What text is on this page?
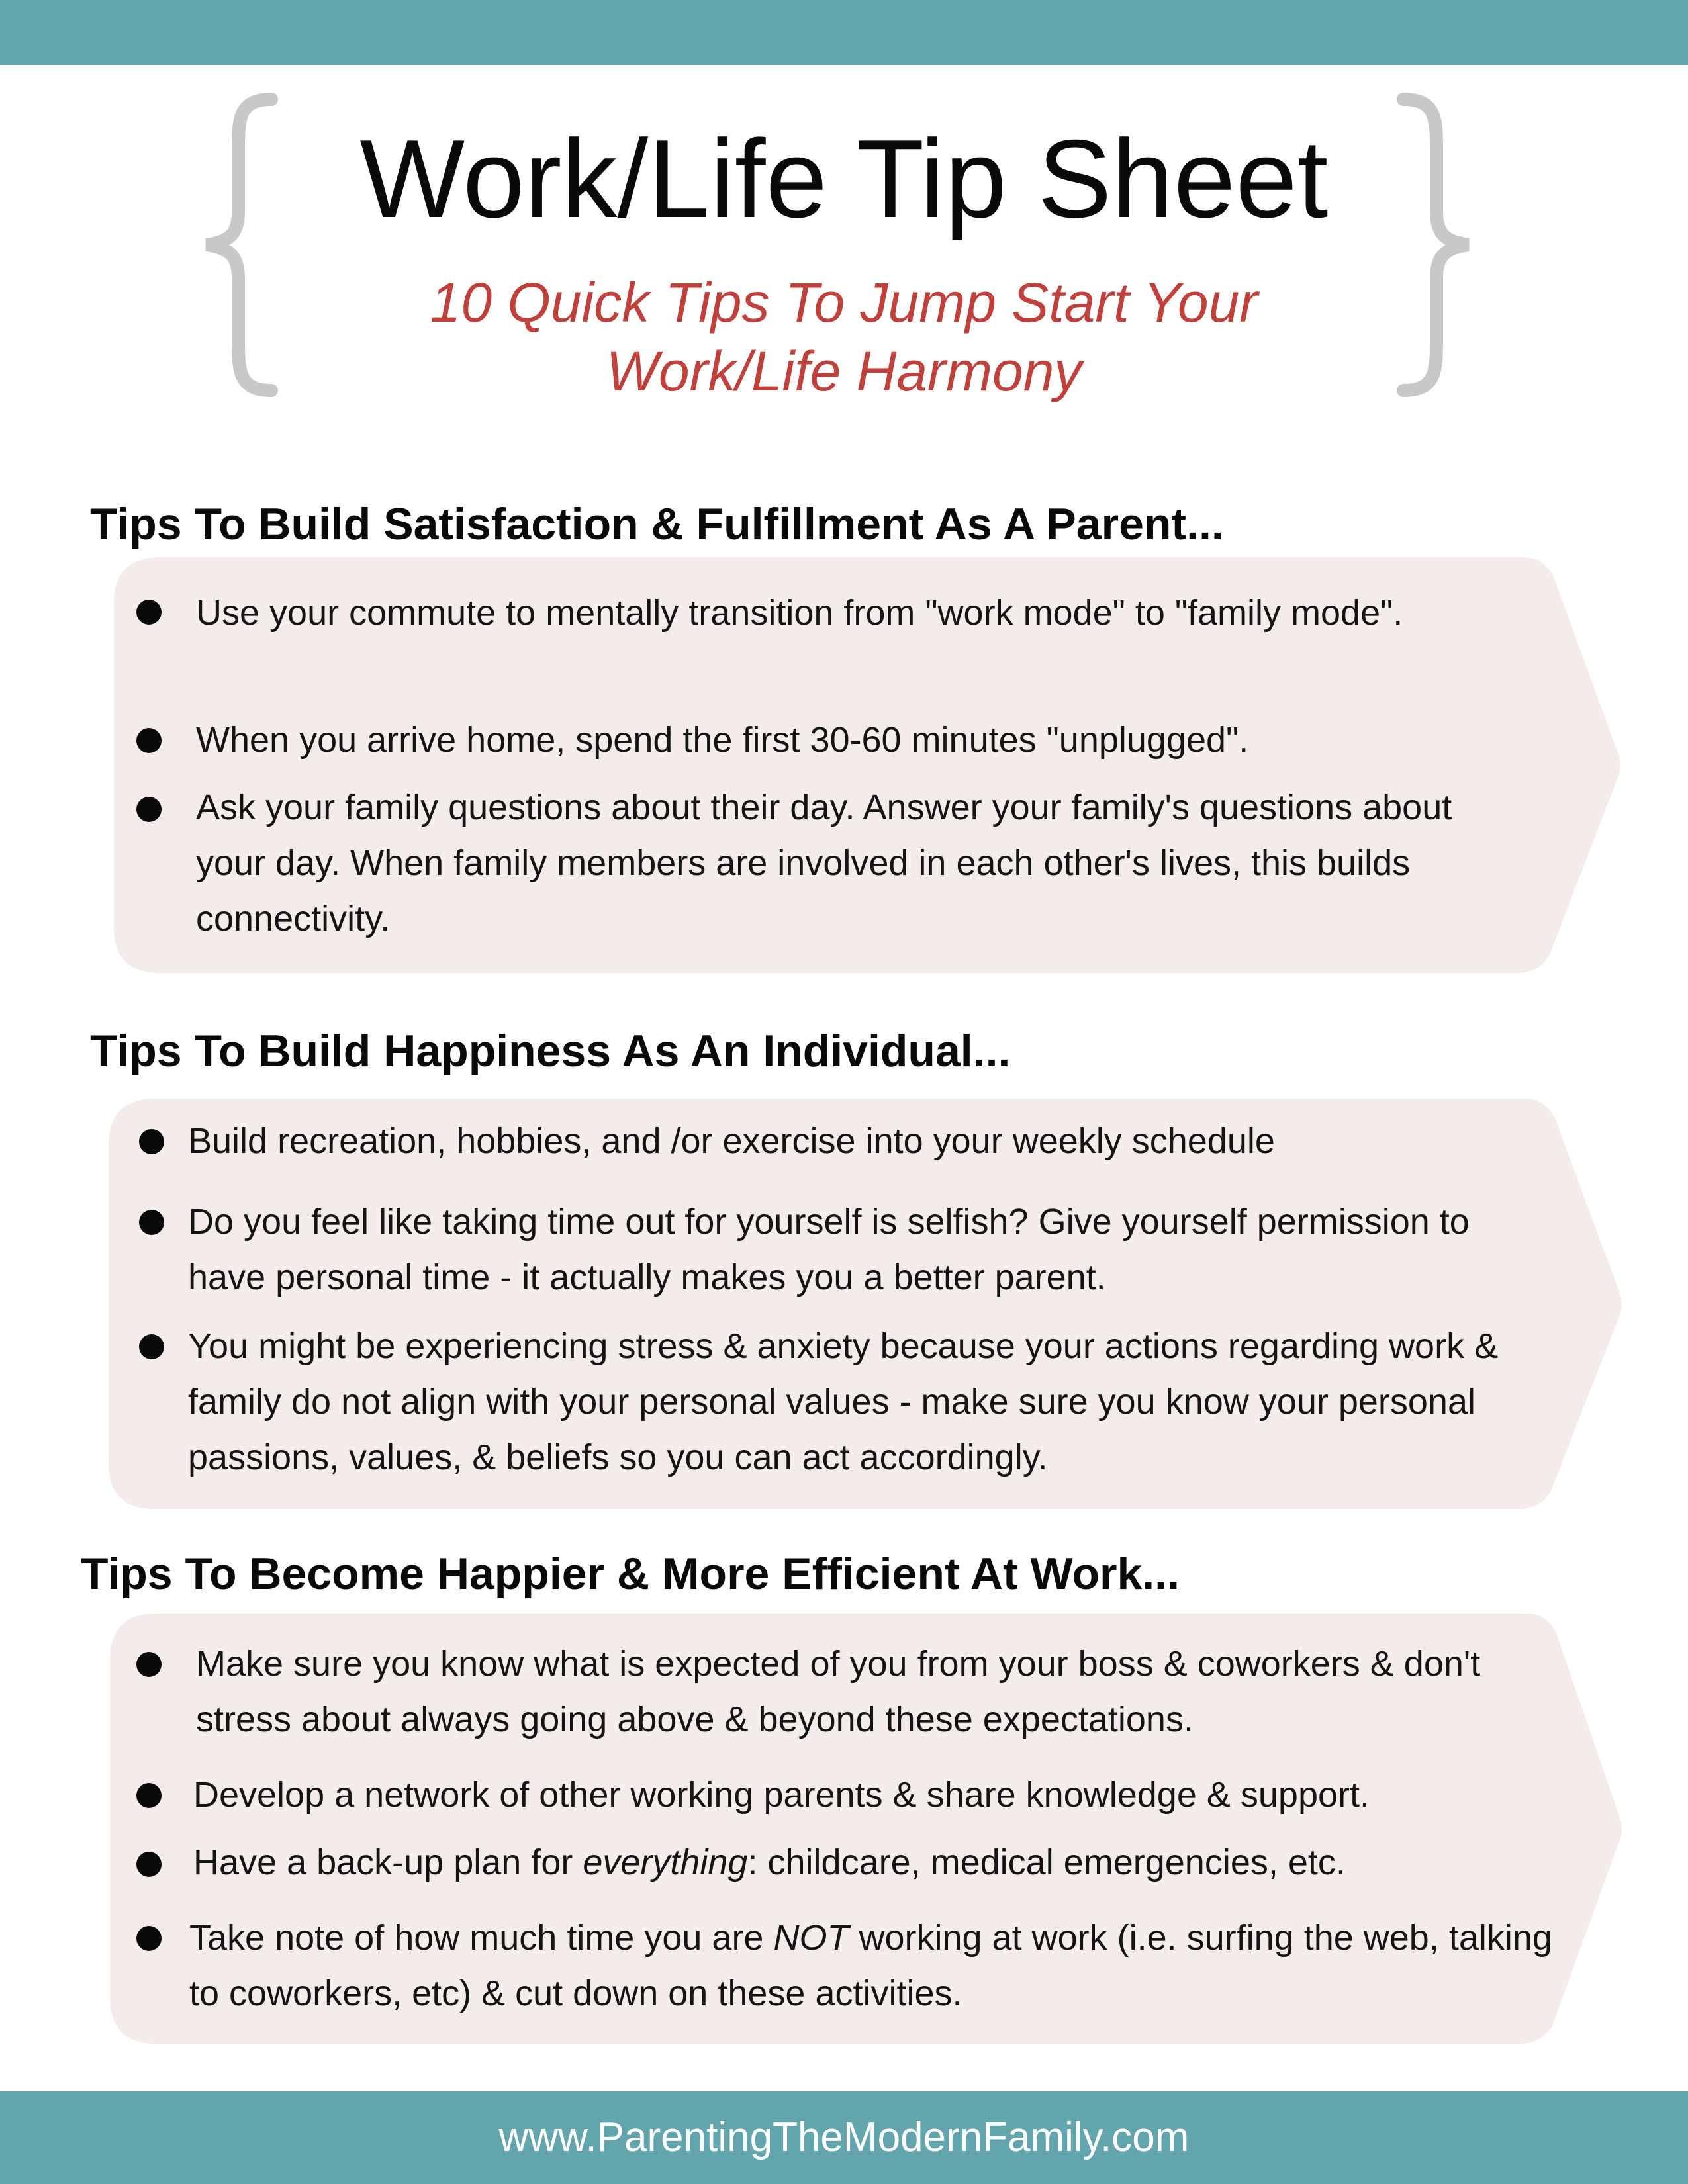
Work/Life Tip Sheet
10 Quick Tips To Jump Start Your
Work/Life Harmony
Tips To Build Satisfaction & Fulfillment As A Parent...
Use your commute to mentally transition from "work mode" to "family mode".
When you arrive home, spend the first 30-60 minutes "unplugged".
Ask your family questions about their day. Answer your family's questions about your day. When family members are involved in each other's lives, this builds connectivity.
Tips To Build Happiness As An Individual...
Build recreation, hobbies, and /or exercise into your weekly schedule
Do you feel like taking time out for yourself is selfish? Give yourself permission to have personal time - it actually makes you a better parent.
You might be experiencing stress & anxiety because your actions regarding work & family do not align with your personal values - make sure you know your personal passions, values, & beliefs so you can act accordingly.
Tips To Become Happier & More Efficient At Work...
Make sure you know what is expected of you from your boss & coworkers & don't stress about always going above & beyond these expectations.
Develop a network of other working parents & share knowledge & support.
Have a back-up plan for everything: childcare, medical emergencies, etc.
Take note of how much time you are NOT working at work (i.e. surfing the web, talking to coworkers, etc) & cut down on these activities.
www.ParentingTheModernFamily.com
